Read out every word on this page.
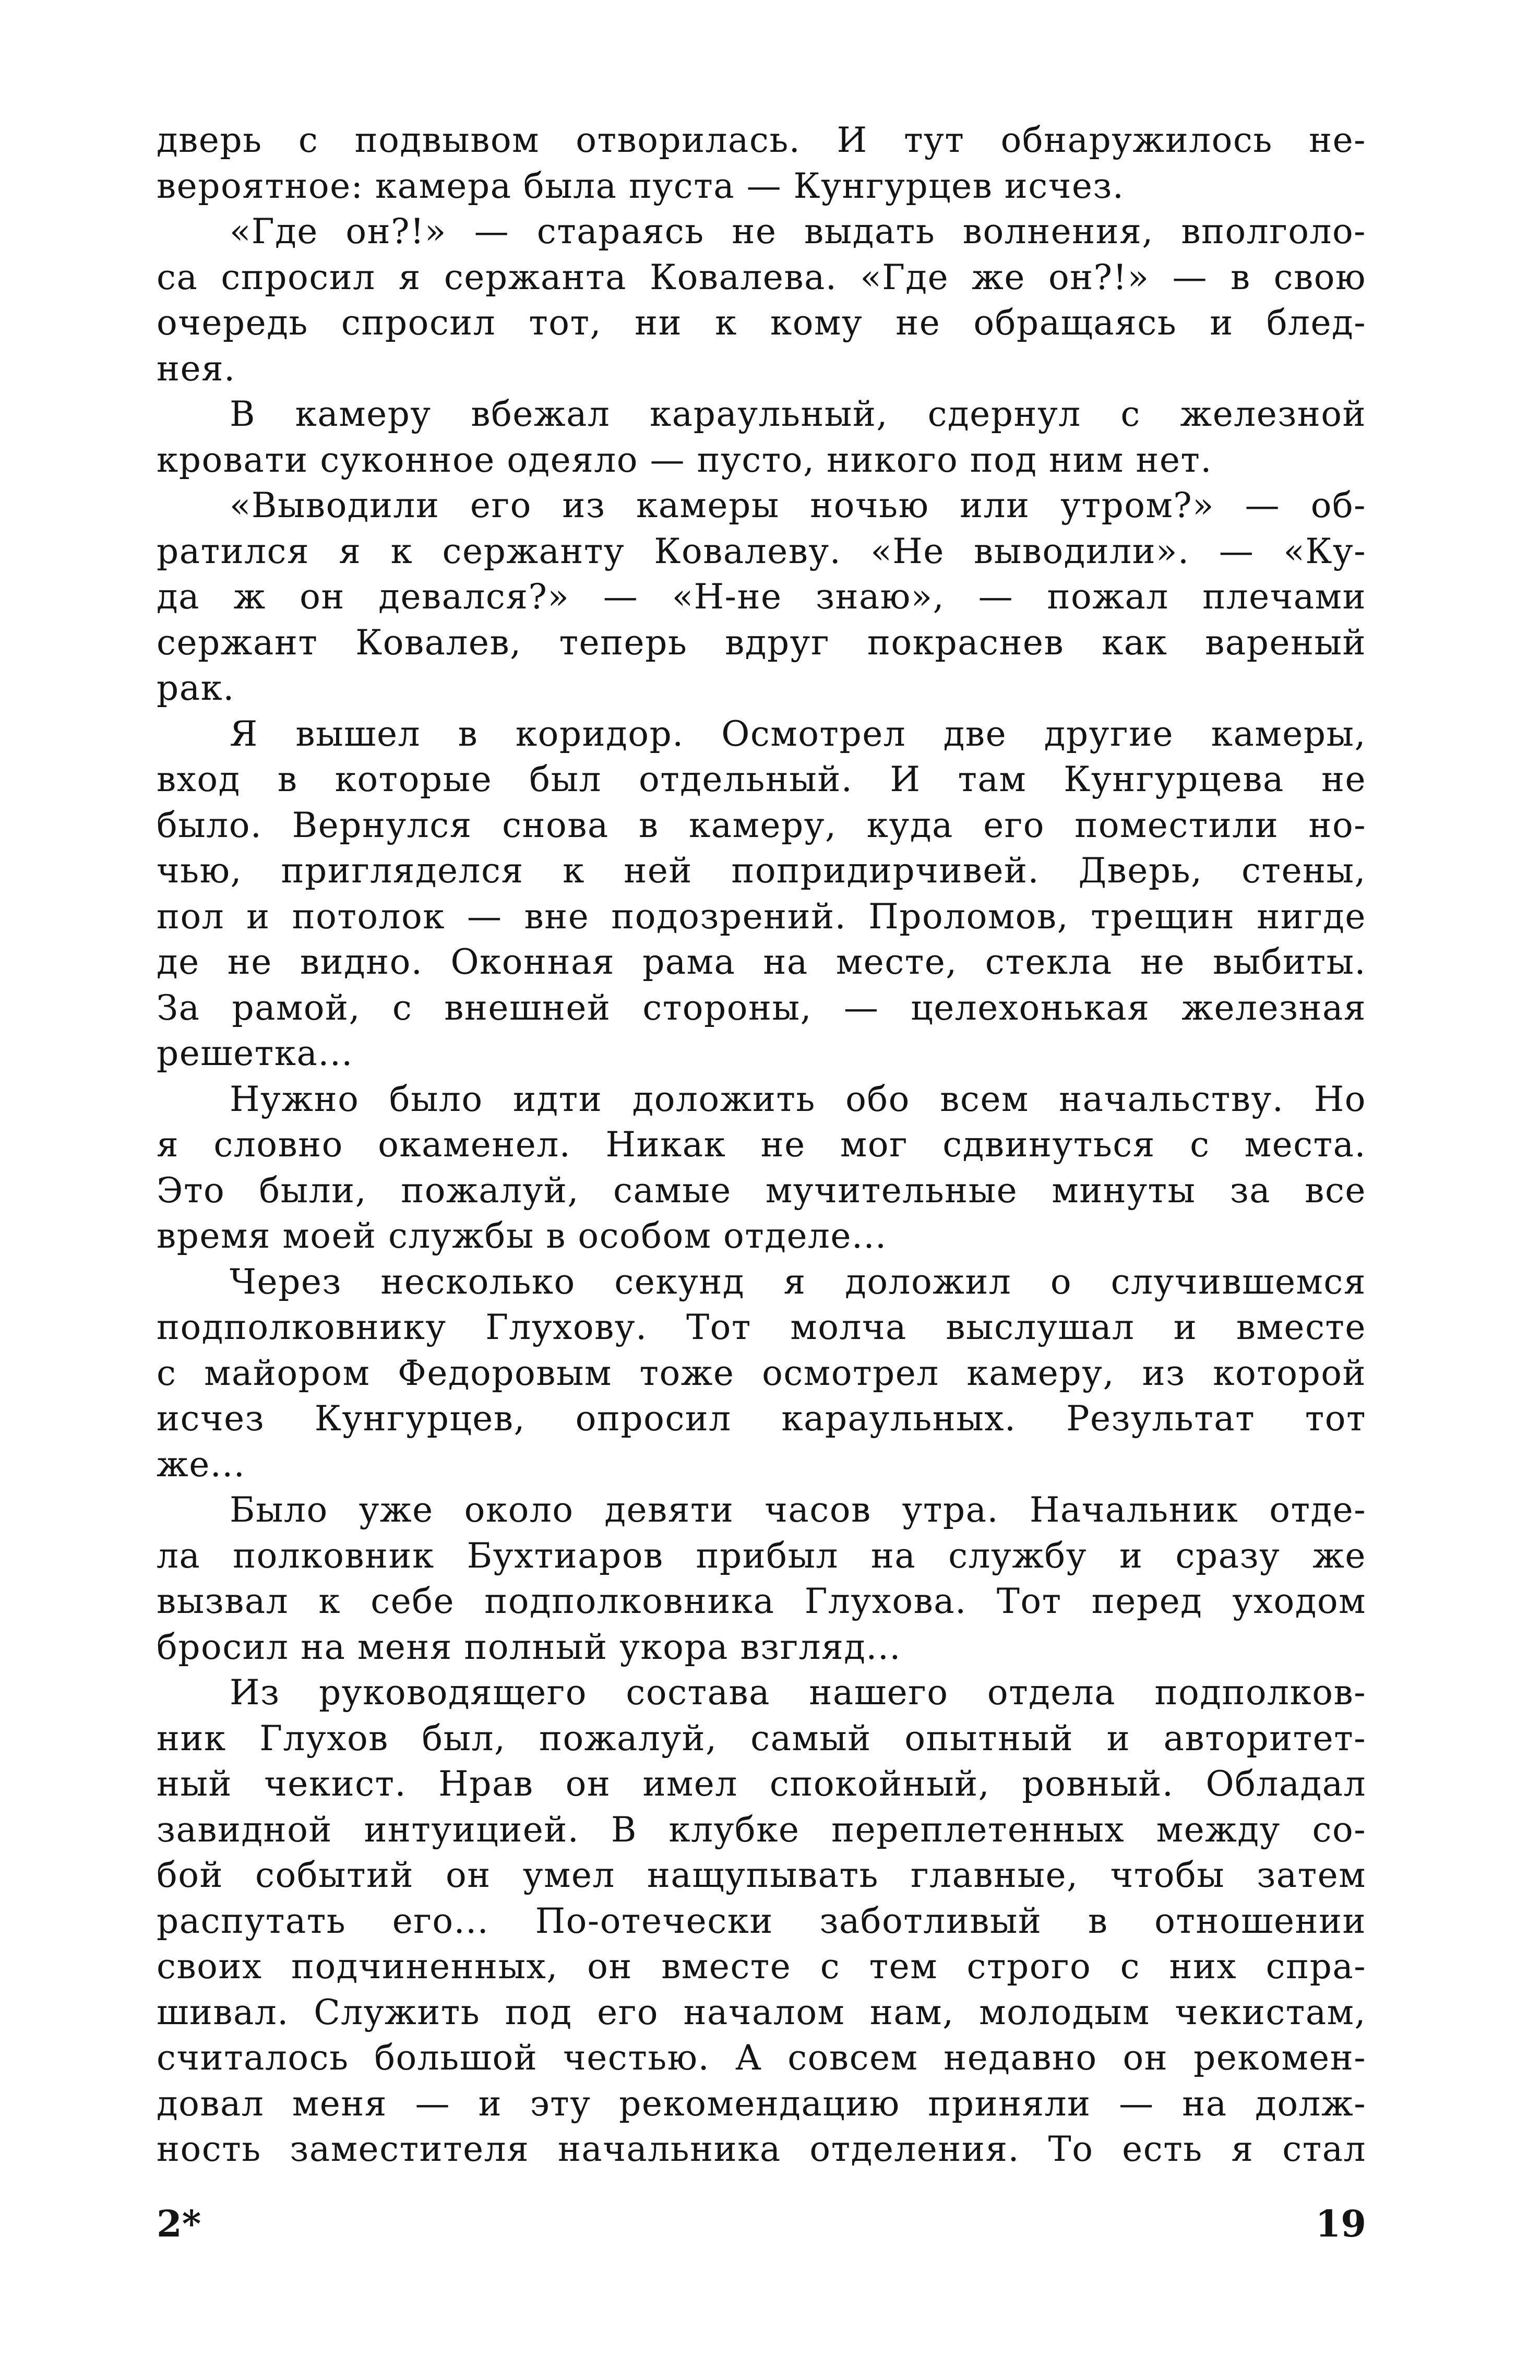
дверь с подвывом отворилась. И тут обнаружилось не-
вероятное: камера была пуста — Кунгурцев исчез.
«Где он?!» — стараясь не выдать волнения, вполголо-
са спросил я сержанта Ковалева. «Где же он?!» — в свою
очередь спросил тот, ни к кому не обращаясь и блед-
нея.
В камеру вбежал караульный, сдернул с железной
кровати суконное одеяло — пусто, никого под ним нет.
«Выводили его из камеры ночью или утром?» — об-
ратился я к сержанту Ковалеву. «Не выводили». — «Ку-
да ж он девался?» — «Н-не знаю», — пожал плечами
сержант Ковалев, теперь вдруг покраснев как вареный
рак.
Я вышел в коридор. Осмотрел две другие камеры,
вход в которые был отдельный. И там Кунгурцева не
было. Вернулся снова в камеру, куда его поместили но-
чью, пригляделся к ней попридирчивей. Дверь, стены,
пол и потолок — вне подозрений. Проломов, трещин нигде
де не видно. Оконная рама на месте, стекла не выбиты.
За рамой, с внешней стороны, — целехонькая железная
решетка...
Нужно было идти доложить обо всем начальству. Но
я словно окаменел. Никак не мог сдвинуться с места.
Это были, пожалуй, самые мучительные минуты за все
время моей службы в особом отделе...
Через несколько секунд я доложил о случившемся
подполковнику Глухову. Тот молча выслушал и вместе
с майором Федоровым тоже осмотрел камеру, из которой
исчез Кунгурцев, опросил караульных. Результат тот
же...
Было уже около девяти часов утра. Начальник отде-
ла полковник Бухтиаров прибыл на службу и сразу же
вызвал к себе подполковника Глухова. Тот перед уходом
бросил на меня полный укора взгляд...
Из руководящего состава нашего отдела подполков-
ник Глухов был, пожалуй, самый опытный и авторитет-
ный чекист. Нрав он имел спокойный, ровный. Обладал
завидной интуицией. В клубке переплетенных между со-
бой событий он умел нащупывать главные, чтобы затем
распутать его... По-отечески заботливый в отношении
своих подчиненных, он вместе с тем строго с них спра-
шивал. Служить под его началом нам, молодым чекистам,
считалось большой честью. А совсем недавно он рекомен-
довал меня — и эту рекомендацию приняли — на долж-
ность заместителя начальника отделения. То есть я стал
2*	19
